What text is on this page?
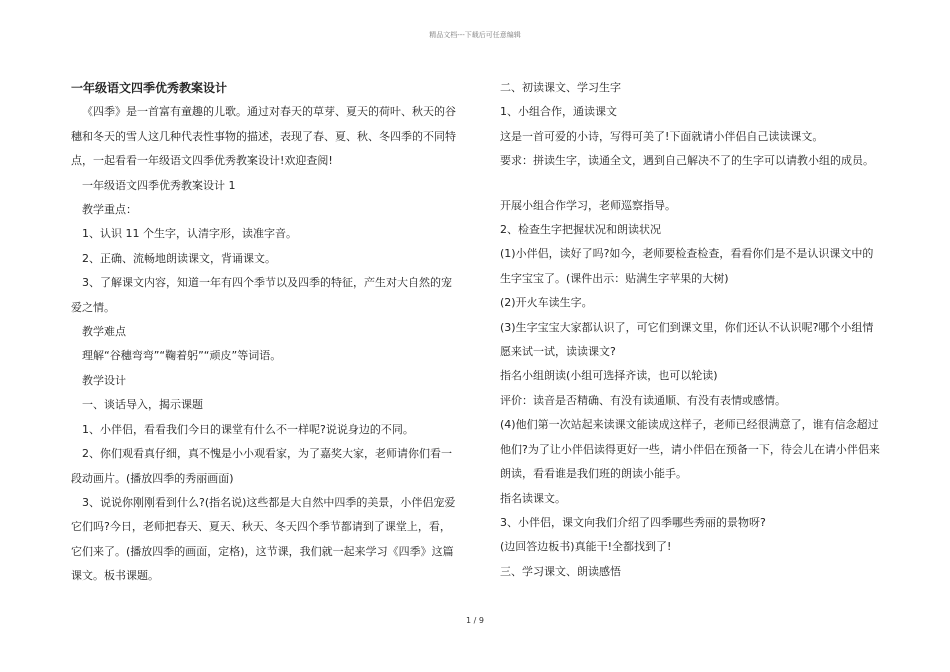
精品文档---下载后可任意编辑

一年级语文四季优秀教案设计

《四季》是一首富有童趣的儿歌。通过对春天的草芽、夏天的荷叶、秋天的谷穗和冬天的雪人这几种代表性事物的描述，表现了春、夏、秋、冬四季的不同特点，一起看看一年级语文四季优秀教案设计!欢迎查阅!

一年级语文四季优秀教案设计 1

教学重点：

1、认识 11 个生字，认清字形，读准字音。

2、正确、流畅地朗读课文，背诵课文。

3、了解课文内容，知道一年有四个季节以及四季的特征，产生对大自然的宠爱之情。

教学难点

理解“谷穗弯弯”“鞠着躬”“顽皮”等词语。

教学设计

一、谈话导入，揭示课题

1、小伴侣，看看我们今日的课堂有什么不一样呢?说说身边的不同。

2、你们观看真仔细，真不愧是小小观看家，为了嘉奖大家，老师请你们看一段动画片。(播放四季的秀丽画面)

3、说说你刚刚看到什么?(指名说)这些都是大自然中四季的美景，小伴侣宠爱它们吗?今日，老师把春天、夏天、秋天、冬天四个季节都请到了课堂上，看，它们来了。(播放四季的画面，定格)，这节课，我们就一起来学习《四季》这篇课文。板书课题。

二、初读课文、学习生字

1、小组合作，通读课文

这是一首可爱的小诗，写得可美了!下面就请小伴侣自己读读课文。

要求：拼读生字，读通全文，遇到自己解决不了的生字可以请教小组的成员。

开展小组合作学习，老师巡察指导。

2、检查生字把握状况和朗读状况

(1)小伴侣，读好了吗?如今，老师要检查检查，看看你们是不是认识课文中的生字宝宝了。(课件出示：贴满生字苹果的大树)

(2)开火车读生字。

(3)生字宝宝大家都认识了，可它们到课文里，你们还认不认识呢?哪个小组情愿来试一试，读读课文?

指名小组朗读(小组可选择齐读，也可以轮读)

评价：读音是否精确、有没有读通顺、有没有表情或感情。

(4)他们第一次站起来读课文能读成这样子，老师已经很满意了，谁有信念超过他们?为了让小伴侣读得更好一些，请小伴侣在预备一下，待会儿在请小伴侣来朗读，看看谁是我们班的朗读小能手。

指名读课文。

3、小伴侣，课文向我们介绍了四季哪些秀丽的景物呀?

(边回答边板书)真能干!全都找到了!

三、学习课文、朗读感悟

1 / 9
